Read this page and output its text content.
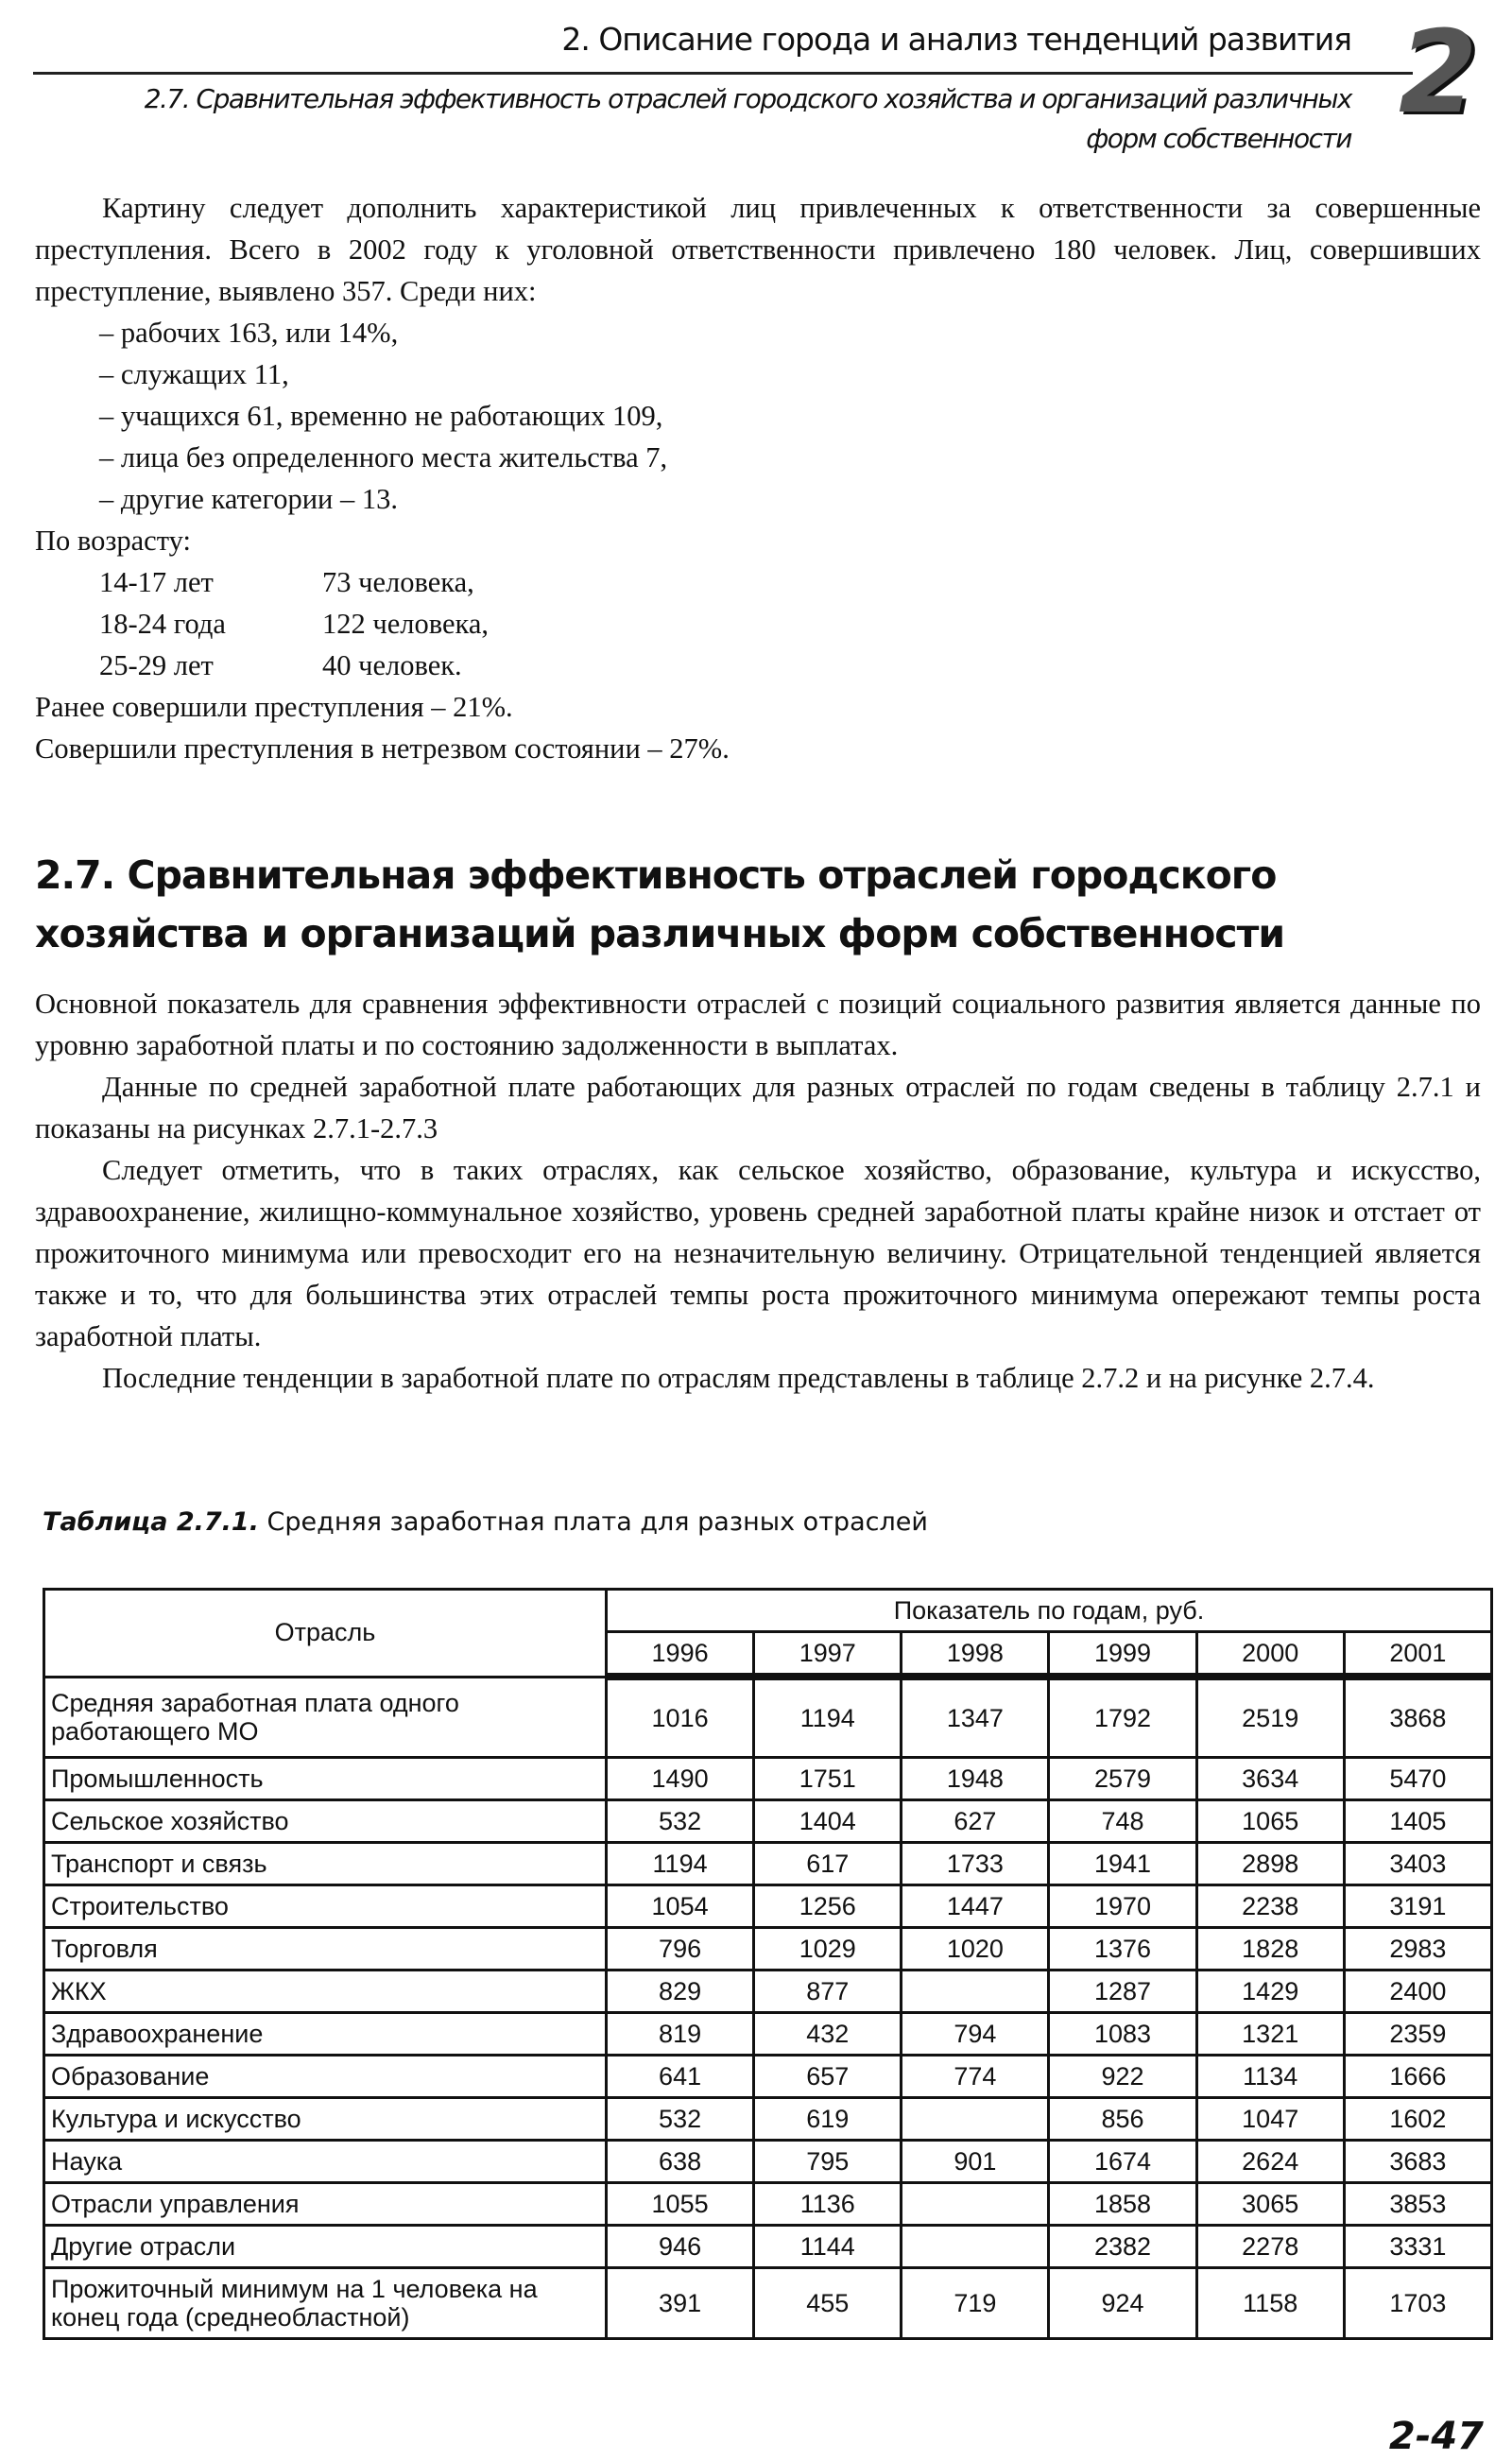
2. Описание города и анализ тенденций развития
2.7. Сравнительная эффективность отраслей городского хозяйства и организаций различных форм собственности 2

Картину следует дополнить характеристикой лиц привлеченных к ответственности за совершенные преступления. Всего в 2002 году к уголовной ответственности привлечено 180 человек. Лиц, совершивших преступление, выявлено 357. Среди них:

– рабочих 163, или 14%,

– служащих 11,

– учащихся 61, временно не работающих 109,

– лица без определенного места жительства 7,

– другие категории – 13.

По возрасту:

14-17 лет	73 человека,
18-24 года	122 человека,
25-29 лет	40 человек.

Ранее совершили преступления – 21%.

Совершили преступления в нетрезвом состоянии – 27%.

2.7. Сравнительная эффективность отраслей городского хозяйства и организаций различных форм собственности

Оcновной показатель для сравнения эффективности отраслей с позиций социального развития является данные по уровню заработной платы и по состоянию задолженности в выплатах.

Данные по средней заработной плате работающих для разных отраслей по годам сведены в таблицу 2.7.1 и показаны на рисунках 2.7.1-2.7.3

Следует отметить, что в таких отраслях, как сельское хозяйство, образование, культура и искусство, здравоохранение, жилищно-коммунальное хозяйство, уровень средней заработной платы крайне низок и отстает от прожиточного минимума или превосходит его на незначительную величину. Отрицательной тенденцией является также и то, что для большинства этих отраслей темпы роста прожиточного минимума опережают темпы роста заработной платы.

Последние тенденции в заработной плате по отраслям представлены в таблице 2.7.2 и на рисунке 2.7.4.

Таблица 2.7.1. Средняя заработная плата для разных отраслей
Отрасль	Показатель по годам, руб.					
	1996	1997	1998	1999	2000	2001
Средняя заработная плата одного работающего МО	1016	1194	1347	1792	2519	3868
Промышленность	1490	1751	1948	2579	3634	5470
Сельское хозяйство	532	1404	627	748	1065	1405
Транспорт и связь	1194	617	1733	1941	2898	3403
Строительство	1054	1256	1447	1970	2238	3191
Торговля	796	1029	1020	1376	1828	2983
ЖКХ	829	877		1287	1429	2400
Здравоохранение	819	432	794	1083	1321	2359
Образование	641	657	774	922	1134	1666
Культура и искусство	532	619		856	1047	1602
Наука	638	795	901	1674	2624	3683
Отрасли управления	1055	1136		1858	3065	3853
Другие отрасли	946	1144		2382	2278	3331
Прожиточный минимум на 1 человека на конец года (среднеобластной)	391	455	719	924	1158	1703
2-47
